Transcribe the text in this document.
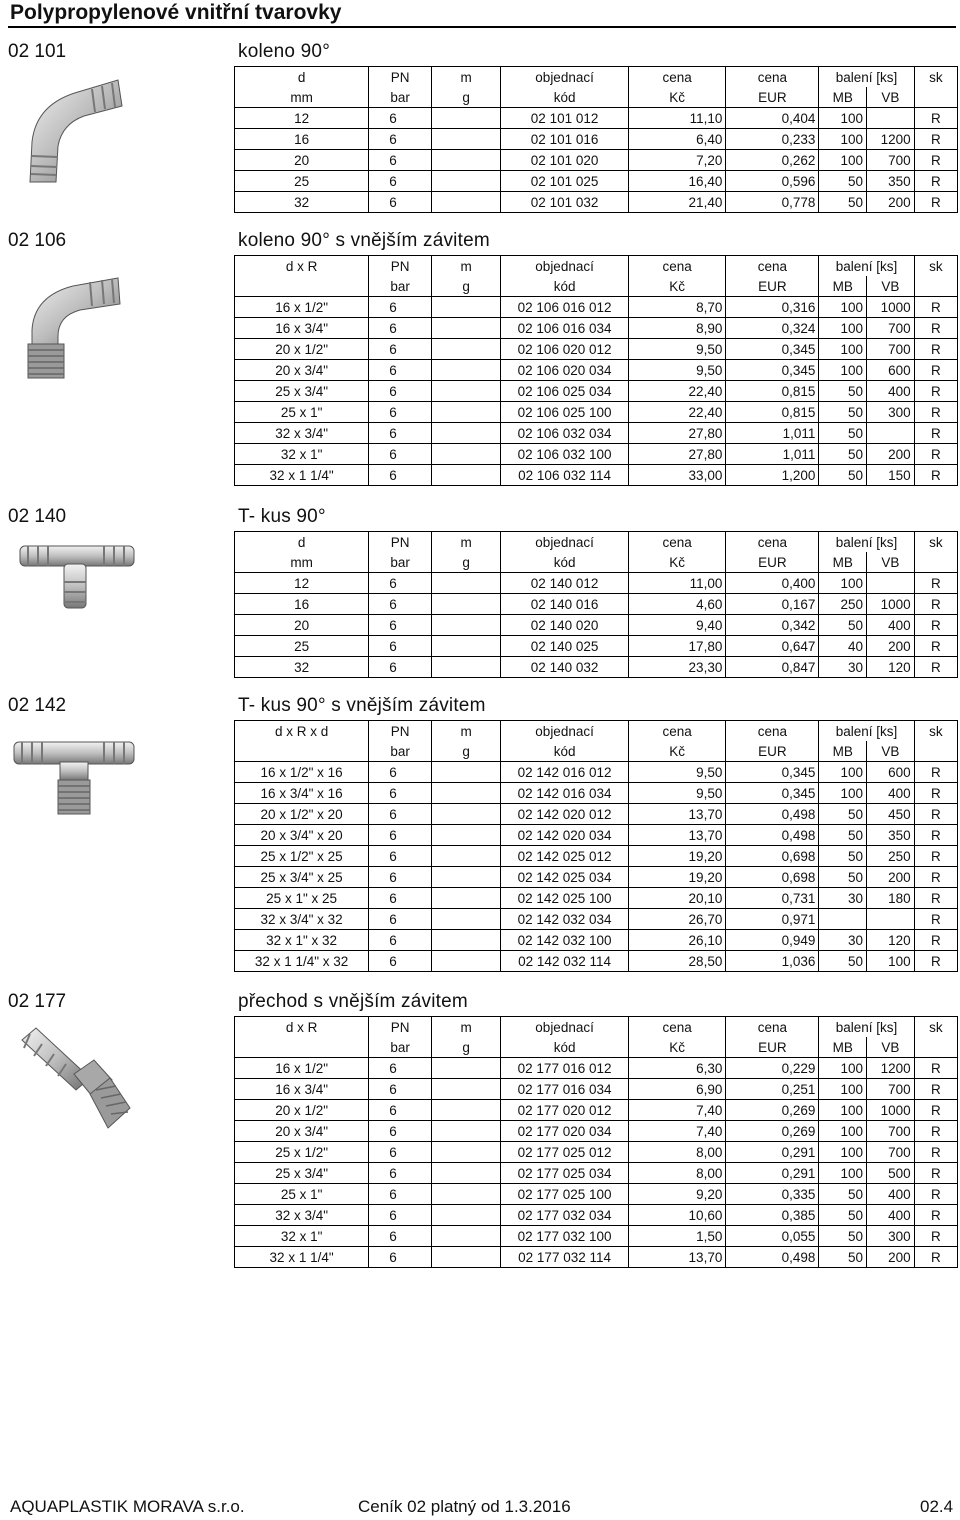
Polypropylenové vnitřní tvarovky
02 101	koleno 90°
d	PN	m	objednací	cena	cena	balení [ks]		sk
mm	bar	g	kód	Kč	EUR	MB	VB	
12	6		02 101 012	11,10	0,404	100		R
16	6		02 101 016	6,40	0,233	100	1200	R
20	6		02 101 020	7,20	0,262	100	700	R
25	6		02 101 025	16,40	0,596	50	350	R
32	6		02 101 032	21,40	0,778	50	200	R
02 106	koleno 90° s vnějším závitem
d x R	PN	m	objednací	cena	cena	balení [ks]		sk
	bar	g	kód	Kč	EUR	MB	VB	
16 x 1/2"	6		02 106 016 012	8,70	0,316	100	1000	R
16 x 3/4"	6		02 106 016 034	8,90	0,324	100	700	R
20 x 1/2"	6		02 106 020 012	9,50	0,345	100	700	R
20 x 3/4"	6		02 106 020 034	9,50	0,345	100	600	R
25 x 3/4"	6		02 106 025 034	22,40	0,815	50	400	R
25 x 1"	6		02 106 025 100	22,40	0,815	50	300	R
32 x 3/4"	6		02 106 032 034	27,80	1,011	50		R
32 x 1"	6		02 106 032 100	27,80	1,011	50	200	R
32 x 1 1/4"	6		02 106 032 114	33,00	1,200	50	150	R
02 140	T- kus 90°
d	PN	m	objednací	cena	cena	balení [ks]		sk
mm	bar	g	kód	Kč	EUR	MB	VB	
12	6		02 140 012	11,00	0,400	100		R
16	6		02 140 016	4,60	0,167	250	1000	R
20	6		02 140 020	9,40	0,342	50	400	R
25	6		02 140 025	17,80	0,647	40	200	R
32	6		02 140 032	23,30	0,847	30	120	R
02 142	T- kus 90° s vnějším závitem
d x R x d	PN	m	objednací	cena	cena	balení [ks]		sk
	bar	g	kód	Kč	EUR	MB	VB	
16 x 1/2" x 16	6		02 142 016 012	9,50	0,345	100	600	R
16 x 3/4" x 16	6		02 142 016 034	9,50	0,345	100	400	R
20 x 1/2" x 20	6		02 142 020 012	13,70	0,498	50	450	R
20 x 3/4" x 20	6		02 142 020 034	13,70	0,498	50	350	R
25 x 1/2" x 25	6		02 142 025 012	19,20	0,698	50	250	R
25 x 3/4" x 25	6		02 142 025 034	19,20	0,698	50	200	R
25 x 1" x 25	6		02 142 025 100	20,10	0,731	30	180	R
32 x 3/4" x 32	6		02 142 032 034	26,70	0,971			R
32 x 1" x 32	6		02 142 032 100	26,10	0,949	30	120	R
32 x 1 1/4" x 32	6		02 142 032 114	28,50	1,036	50	100	R
02 177	přechod s vnějším závitem
d x R	PN	m	objednací	cena	cena	balení [ks]		sk
	bar	g	kód	Kč	EUR	MB	VB	
16 x 1/2"	6		02 177 016 012	6,30	0,229	100	1200	R
16 x 3/4"	6		02 177 016 034	6,90	0,251	100	700	R
20 x 1/2"	6		02 177 020 012	7,40	0,269	100	1000	R
20 x 3/4"	6		02 177 020 034	7,40	0,269	100	700	R
25 x 1/2"	6		02 177 025 012	8,00	0,291	100	700	R
25 x 3/4"	6		02 177 025 034	8,00	0,291	100	500	R
25 x 1"	6		02 177 025 100	9,20	0,335	50	400	R
32 x 3/4"	6		02 177 032 034	10,60	0,385	50	400	R
32 x 1"	6		02 177 032 100	1,50	0,055	50	300	R
32 x 1 1/4"	6		02 177 032 114	13,70	0,498	50	200	R
AQUAPLASTIK MORAVA s.r.o.	Ceník 02 platný od 1.3.2016	02.4
